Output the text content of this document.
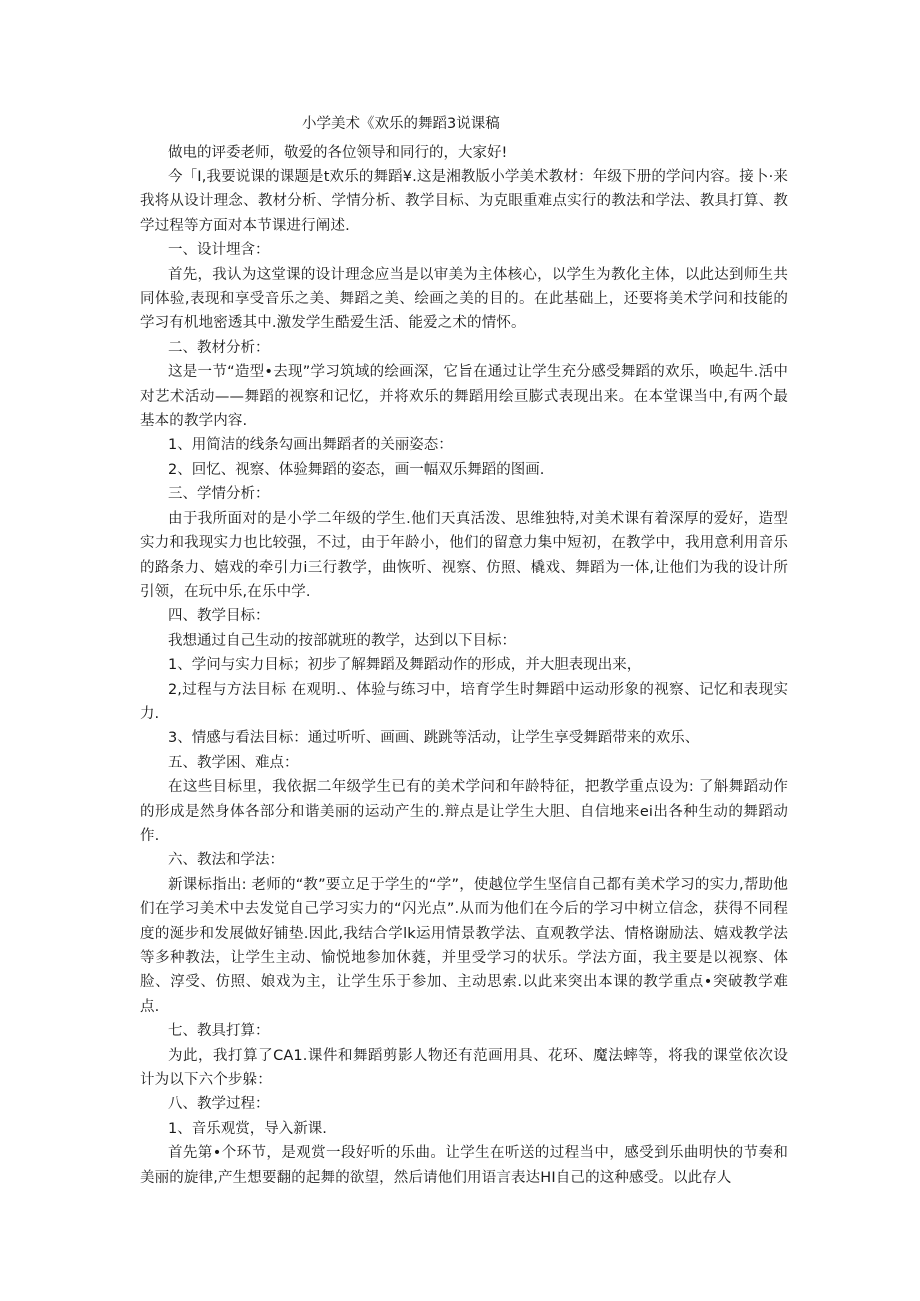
小学美术《欢乐的舞蹈3说课稿

做电的评委老师，敬爱的各位领导和同行的，大家好!

今「I,我要说课的课题是t欢乐的舞蹈¥.这是湘教版小学美术教材：年级下册的学问内容。接卜·来我将从设计理念、教材分析、学情分析、教学目标、为克眼重难点实行的教法和学法、教具打算、教学过程等方面对本节课进行阐述.

一、设计埋含：

首先，我认为这堂课的设计理念应当是以审美为主体核心，以学生为教化主体，以此达到师生共同体验,表现和享受音乐之美、舞蹈之美、绘画之美的目的。在此基础上，还要将美术学问和技能的学习有机地密透其中.激发学生酷爱生活、能爱之术的情怀。

二、教材分析：

这是一节“造型•去现”学习筑域的绘画深，它旨在通过让学生充分感受舞蹈的欢乐，唤起牛.活中对艺术活动——舞蹈的视察和记忆，并将欢乐的舞蹈用绘亘膨式表现出来。在本堂课当中,有两个最基本的教学内容.

1、用简洁的线条勾画出舞蹈者的关丽姿态：

2、回忆、视察、体验舞蹈的姿态，画一幅双乐舞蹈的图画.

三、学情分析：

由于我所面对的是小学二年级的学生.他们天真活泼、思维独特,对美术课有着深厚的爱好，造型实力和我现实力也比较强，不过，由于年龄小，他们的留意力集中短初，在教学中，我用意利用音乐的路条力、嬉戏的牵引力i三行教学，曲恢听、视察、仿照、橇戏、舞蹈为一体,让他们为我的设计所引领，在玩中乐,在乐中学.

四、教学目标：

我想通过自己生动的按部就班的教学，达到以下目标：

1、学问与实力目标；初步了解舞蹈及舞蹈动作的形成，并大胆表现出来，

2,过程与方法目标 在观明.、体验与练习中，培育学生时舞蹈中运动形象的视察、记忆和表现实力.

3、情感与看法目标：通过听听、画画、跳跳等活动，让学生享受舞蹈带来的欢乐、

五、教学困、难点：

在这些目标里，我依据二年级学生已有的美术学问和年龄特征，把教学重点设为: 了斛舞蹈动作的形成是然身体各部分和谐美丽的运动产生的.辩点是让学生大胆、自信地来ei出各种生动的舞蹈动作.

六、教法和学法：

新课标指出: 老师的“教”要立足于学生的“学”，使越位学生坚信自己都有美术学习的实力,帮助他们在学习美术中去发觉自己学习实力的“闪光点”.从而为他们在今后的学习中树立信念，获得不同程度的涎步和发展做好铺垫.因此,我结合学lk运用情景教学法、直观教学法、情格谢励法、嬉戏教学法等多种教法，让学生主动、愉悦地参加休蕤，并里受学习的状乐。学法方面，我主要是以视察、体脸、淳受、仿照、娘戏为主，让学生乐于参加、主动思索.以此来突出本课的教学重点•突破教学难点.

七、教具打算：

为此，我打算了CA1.课件和舞蹈剪影人物还有范画用具、花环、魔法蟀等，将我的课堂依次设计为以下六个步躲：

八、教学过程：

1、音乐观赏，导入新课.

首先第•个环节，是观赏一段好听的乐曲。让学生在听送的过程当中，感受到乐曲明快的节奏和美丽的旋律,产生想要翻的起舞的欲望，然后请他们用语言表达HI自己的这种感受。以此存人
